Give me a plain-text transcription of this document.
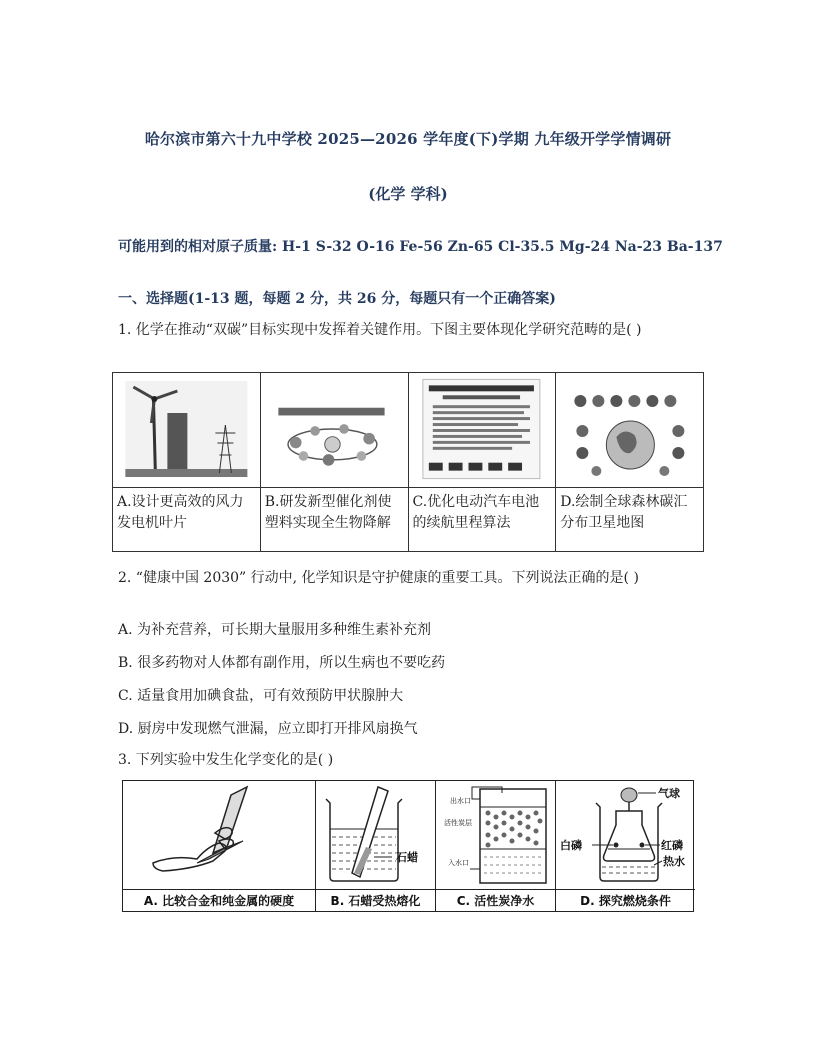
哈尔滨市第六十九中学校 2025—2026 学年度(下)学期 九年级开学学情调研
(化学 学科)
可能用到的相对原子质量: H-1 S-32 O-16 Fe-56 Zn-65 Cl-35.5 Mg-24 Na-23 Ba-137
一、选择题(1-13 题，每题 2 分，共 26 分，每题只有一个正确答案)
1. 化学在推动“双碳”目标实现中发挥着关键作用。下图主要体现化学研究范畴的是( )

A.设计更高效的风力发电机叶片	B.研发新型催化剂使塑料实现全生物降解	C.优化电动汽车电池的续航里程算法	D.绘制全球森林碳汇分布卫星地图
2. “健康中国 2030” 行动中, 化学知识是守护健康的重要工具。下列说法正确的是( )
A. 为补充营养，可长期大量服用多种维生素补充剂
B. 很多药物对人体都有副作用，所以生病也不要吃药
C. 适量食用加碘食盐，可有效预防甲状腺肿大
D. 厨房中发现燃气泄漏，应立即打开排风扇换气
3. 下列实验中发生化学变化的是( )
A. 比较合金和纯金属的硬度
石蜡
B. 石蜡受热熔化
出水口
活性炭层
入水口
C. 活性炭净水
气球
白磷	红磷
热水
D. 探究燃烧条件
